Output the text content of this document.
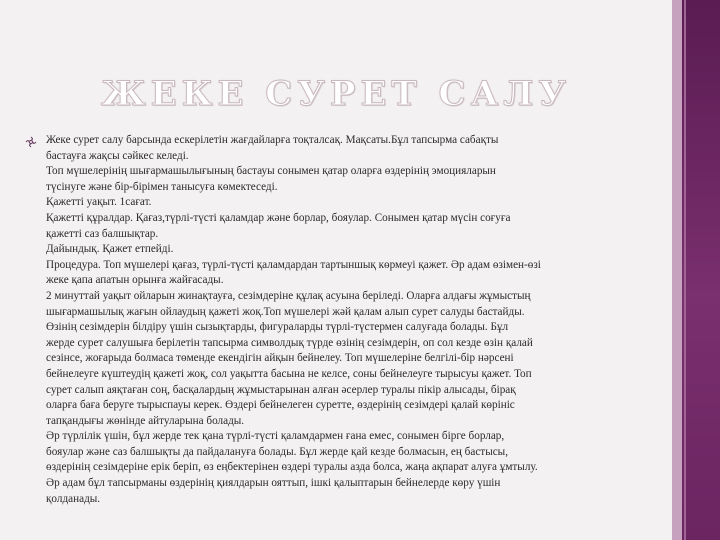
ЖЕКЕ СУРЕТ САЛУ

Жеке сурет салу барсында ескерілетін жағдайларға тоқталсақ. Мақсаты.Бұл тапсырма сабақты

бастауға жақсы сәйкес келеді.

Топ мүшелерінің шығармашылығының бастауы сонымен қатар оларға өздерінің эмоцияларын

түсінуге және бір-бірімен танысуға көмектеседі.

Қажетті уақыт. 1сағат.

Қажетті құралдар. Қағаз,түрлі-түсті қаламдар және борлар, бояулар. Сонымен қатар мүсін соғуға

қажетті саз балшықтар.

Дайындық. Қажет етпейді.

Процедура. Топ мүшелері қағаз, түрлі-түсті қаламдардан тартыншық көрмеуі қажет. Әр адам өзімен-өзі

жеке қапа апатын орынға жайғасады.

2 минуттай уақыт ойларын жинақтауға, сезімдеріне құлақ асуына беріледі. Оларға алдағы жұмыстың

шығармашылық жағын ойлаудың қажеті жоқ.Топ мүшелері жәй қалам алып сурет салуды бастайды.

Өзінің сезімдерін білдіру үшін сызықтарды, фигураларды түрлі-түстермен салуғада болады. Бұл

жерде сурет салушыға берілетін тапсырма символдық түрде өзінің сезімдерін, оп сол кезде өзін қалай

сезінсе, жоғарыда болмаса төменде екендігін айқын бейнелеу. Топ мүшелеріне белгілі-бір нәрсені

бейнелеуге күштеудің қажеті жоқ, сол уақытта басына не келсе, соны бейнелеуге тырысуы қажет. Топ

сурет салып аяқтаған соң, басқалардың жұмыстарынан алған әсерлер туралы пікір алысады, бірақ

оларға баға беруге тырыспауы керек. Өздері бейнелеген суретте, өздерінің сезімдері қалай көрініс

тапқандығы жөнінде айтуларына болады.

Әр түрлілік үшін, бұл жерде тек қана түрлі-түсті қаламдармен ғана емес, сонымен бірге борлар,

бояулар және саз балшықты да пайдалануға болады. Бұл жерде қай кезде болмасын, ең бастысы,

өздерінің сезімдеріне ерік беріп, өз еңбектерінен өздері туралы азда болса, жаңа ақпарат алуға ұмтылу.

Әр адам бұл тапсырманы өздерінің қиялдарын ояттып, ішкі қалыптарын бейнелерде көру үшін

қолданады.
